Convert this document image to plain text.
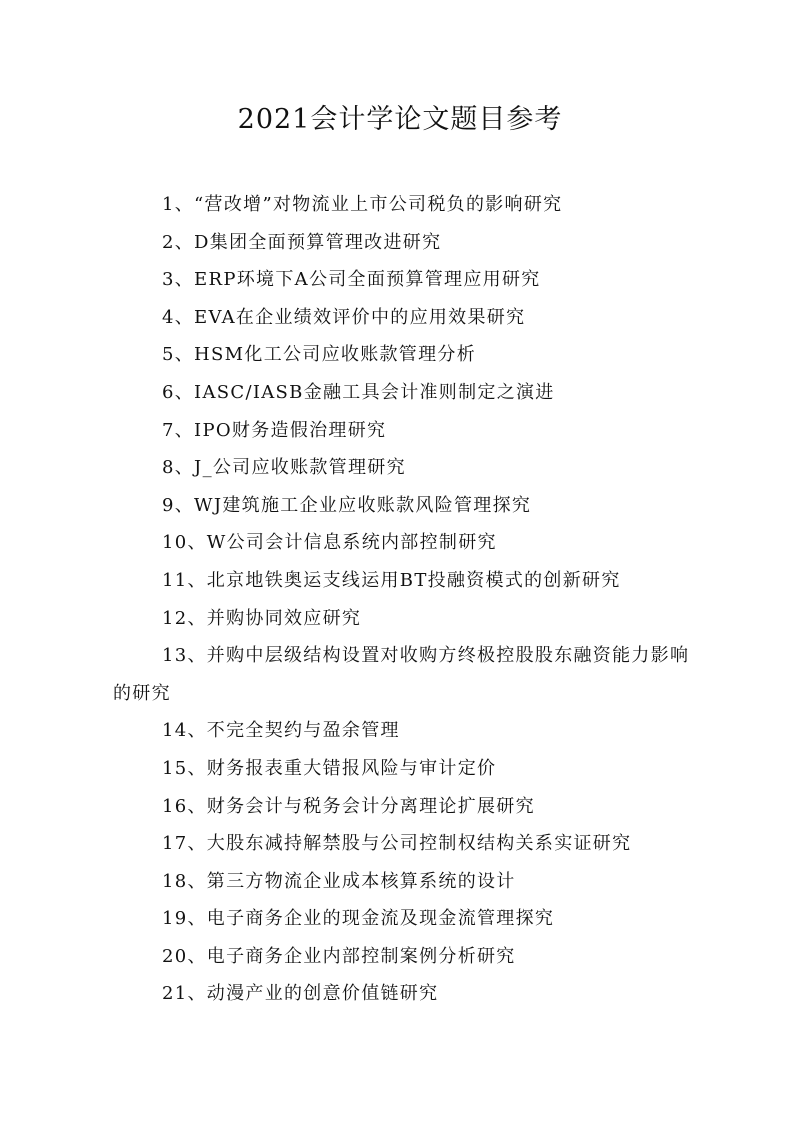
2021会计学论文题目参考
1、“营改增”对物流业上市公司税负的影响研究
2、D集团全面预算管理改进研究
3、ERP环境下A公司全面预算管理应用研究
4、EVA在企业绩效评价中的应用效果研究
5、HSM化工公司应收账款管理分析
6、IASC/IASB金融工具会计准则制定之演进
7、IPO财务造假治理研究
8、J_公司应收账款管理研究
9、WJ建筑施工企业应收账款风险管理探究
10、W公司会计信息系统内部控制研究
11、北京地铁奥运支线运用BT投融资模式的创新研究
12、并购协同效应研究
13、并购中层级结构设置对收购方终极控股股东融资能力影响的研究
14、不完全契约与盈余管理
15、财务报表重大错报风险与审计定价
16、财务会计与税务会计分离理论扩展研究
17、大股东减持解禁股与公司控制权结构关系实证研究
18、第三方物流企业成本核算系统的设计
19、电子商务企业的现金流及现金流管理探究
20、电子商务企业内部控制案例分析研究
21、动漫产业的创意价值链研究
